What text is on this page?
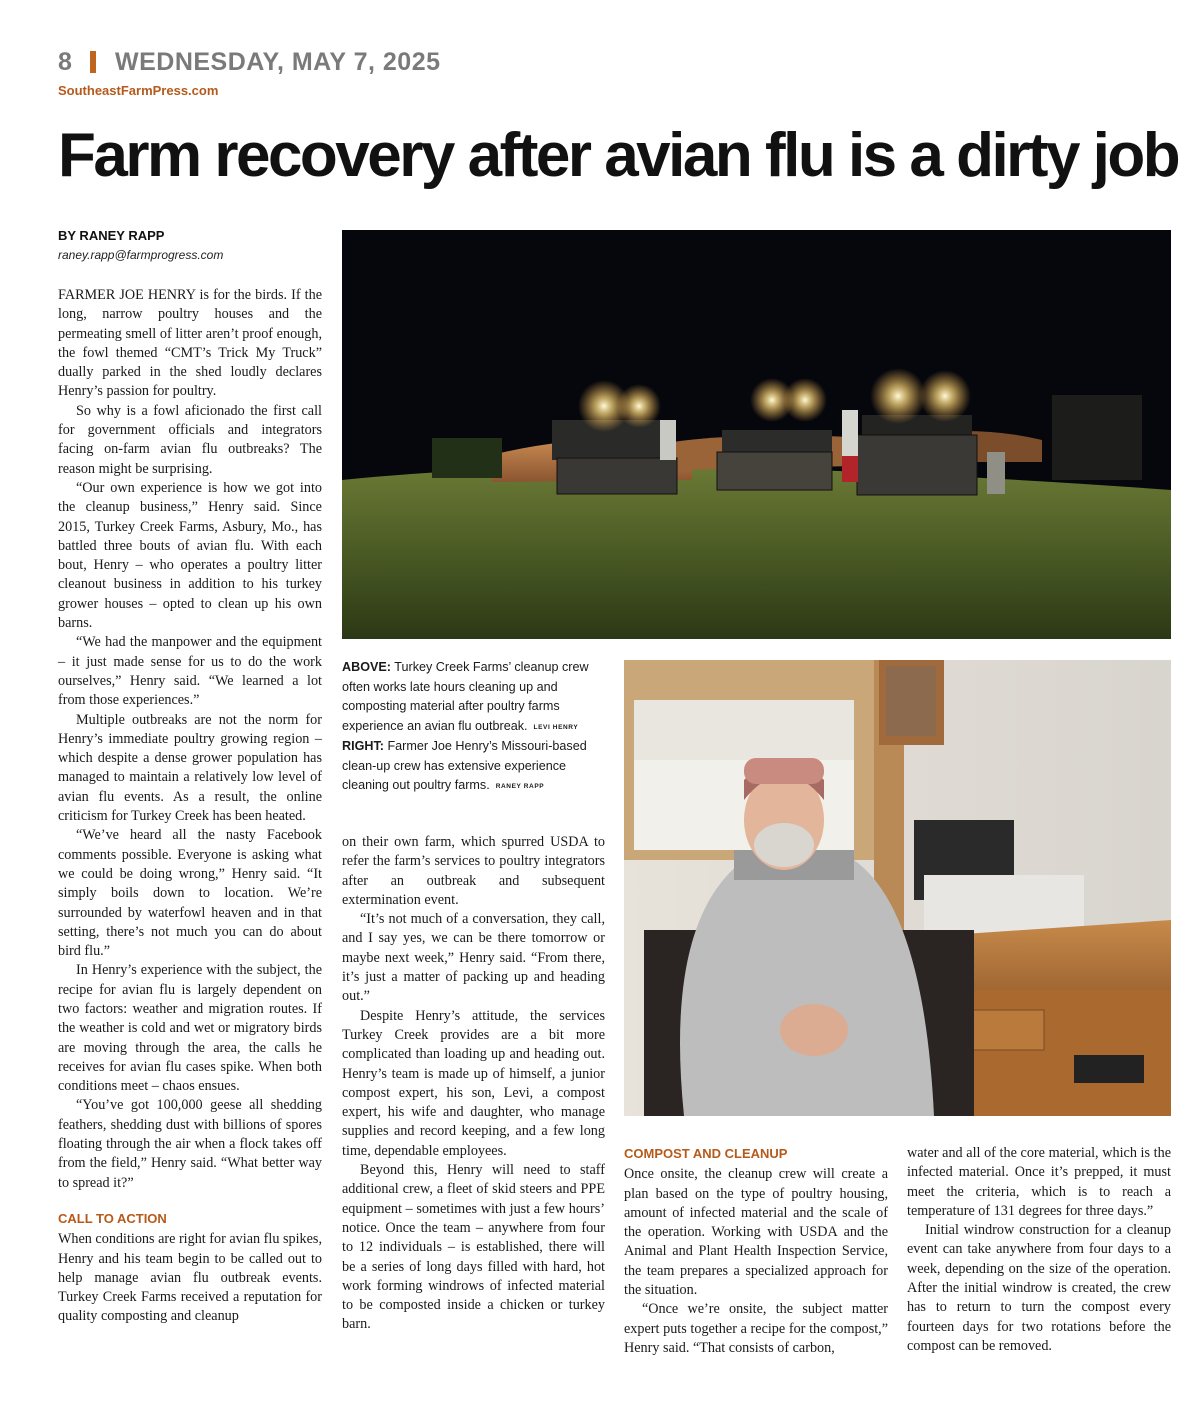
8 WEDNESDAY, MAY 7, 2025
SoutheastFarmPress.com
Farm recovery after avian flu is a dirty job
BY RANEY RAPP
raney.rapp@farmprogress.com

FARMER JOE HENRY is for the birds. If the long, narrow poultry houses and the permeating smell of litter aren’t proof enough, the fowl themed “CMT’s Trick My Truck” dually parked in the shed loudly declares Henry’s passion for poultry.

So why is a fowl aficionado the first call for government officials and integrators facing on-farm avian flu outbreaks? The reason might be surprising.

“Our own experience is how we got into the cleanup business,” Henry said. Since 2015, Turkey Creek Farms, Asbury, Mo., has battled three bouts of avian flu. With each bout, Henry – who operates a poultry litter cleanout business in addition to his turkey grower houses – opted to clean up his own barns.

“We had the manpower and the equipment – it just made sense for us to do the work ourselves,” Henry said. “We learned a lot from those experiences.”

Multiple outbreaks are not the norm for Henry’s immediate poultry growing region – which despite a dense grower population has managed to maintain a relatively low level of avian flu events. As a result, the online criticism for Turkey Creek has been heated.

“We’ve heard all the nasty Facebook comments possible. Everyone is asking what we could be doing wrong,” Henry said. “It simply boils down to location. We’re surrounded by waterfowl heaven and in that setting, there’s not much you can do about bird flu.”

In Henry’s experience with the subject, the recipe for avian flu is largely dependent on two factors: weather and migration routes. If the weather is cold and wet or migratory birds are moving through the area, the calls he receives for avian flu cases spike. When both conditions meet – chaos ensues.

“You’ve got 100,000 geese all shedding feathers, shedding dust with billions of spores floating through the air when a flock takes off from the field,” Henry said. “What better way to spread it?”

CALL TO ACTION

When conditions are right for avian flu spikes, Henry and his team begin to be called out to help manage avian flu outbreak events. Turkey Creek Farms received a reputation for quality composting and cleanup

ABOVE: Turkey Creek Farms’ cleanup crew often works late hours cleaning up and composting material after poultry farms experience an avian flu outbreak. LEVI HENRY
RIGHT: Farmer Joe Henry’s Missouri-based clean-up crew has extensive experience cleaning out poultry farms. RANEY RAPP

on their own farm, which spurred USDA to refer the farm’s services to poultry integrators after an outbreak and subsequent extermination event.

“It’s not much of a conversation, they call, and I say yes, we can be there tomorrow or maybe next week,” Henry said. “From there, it’s just a matter of packing up and heading out.”

Despite Henry’s attitude, the services Turkey Creek provides are a bit more complicated than loading up and heading out. Henry’s team is made up of himself, a junior compost expert, his son, Levi, a compost expert, his wife and daughter, who manage supplies and record keeping, and a few long time, dependable employees.

Beyond this, Henry will need to staff additional crew, a fleet of skid steers and PPE equipment – sometimes with just a few hours’ notice. Once the team – anywhere from four to 12 individuals – is established, there will be a series of long days filled with hard, hot work forming windrows of infected material to be composted inside a chicken or turkey barn.

COMPOST AND CLEANUP

Once onsite, the cleanup crew will create a plan based on the type of poultry housing, amount of infected material and the scale of the operation. Working with USDA and the Animal and Plant Health Inspection Service, the team prepares a specialized approach for the situation.

“Once we’re onsite, the subject matter expert puts together a recipe for the compost,” Henry said. “That consists of carbon,

water and all of the core material, which is the infected material. Once it’s prepped, it must meet the criteria, which is to reach a temperature of 131 degrees for three days.”

Initial windrow construction for a cleanup event can take anywhere from four days to a week, depending on the size of the operation. After the initial windrow is created, the crew has to return to turn the compost every fourteen days for two rotations before the compost can be removed.
